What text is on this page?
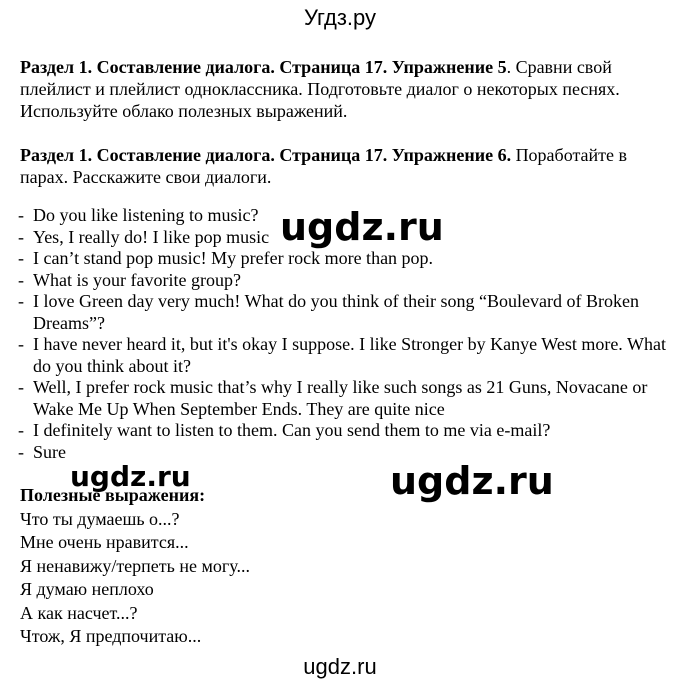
Угдз.ру

Раздел 1. Составление диалога. Страница 17. Упражнение 5. Сравни свой плейлист и плейлист одноклассника. Подготовьте диалог о некоторых песнях. Используйте облако полезных выражений.

Раздел 1. Составление диалога. Страница 17. Упражнение 6. Поработайте в парах. Расскажите свои диалоги.

- Do you like listening to music?
- Yes, I really do! I like pop music
- I can’t stand pop music! My prefer rock more than pop.
- What is your favorite group?
- I love Green day very much! What do you think of their song “Boulevard of Broken Dreams”?
- I have never heard it, but it's okay I suppose. I like Stronger by Kanye West more. What do you think about it?
- Well, I prefer rock music that’s why I really like such songs as 21 Guns, Novacane or Wake Me Up When September Ends. They are quite nice
- I definitely want to listen to them. Can you send them to me via e-mail?
- Sure
Полезные выражения:
Что ты думаешь о...?
Мне очень нравится...
Я ненавижу/терпеть не могу...
Я думаю неплохо
А как насчет...?
Чтож, Я предпочитаю...
ugdz.ru
ugdz.ru
ugdz.ru
ugdz.ru
